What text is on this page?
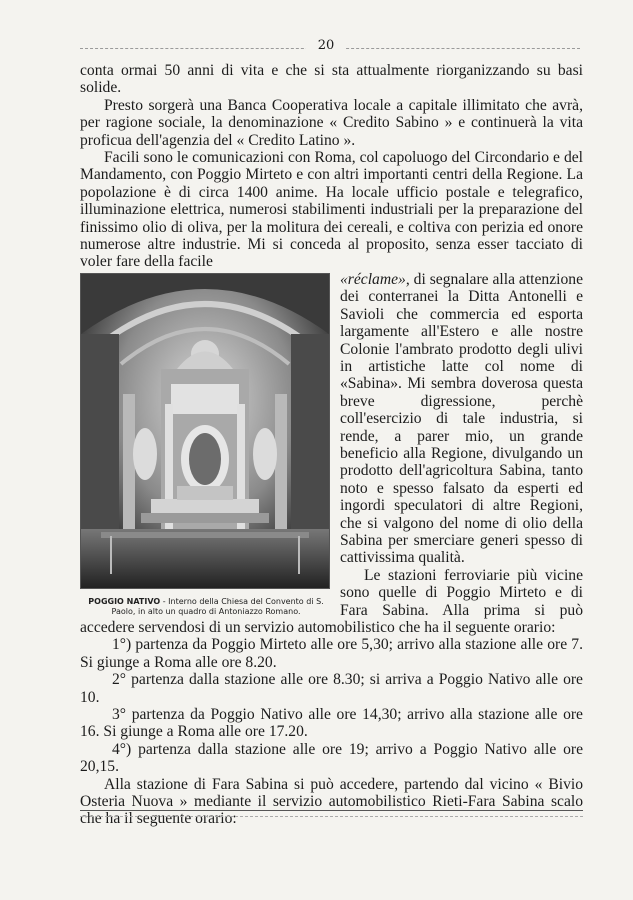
20

conta ormai 50 anni di vita e che si sta attualmente riorganizzando su basi solide.

Presto sorgerà una Banca Cooperativa locale a capitale illimitato che avrà, per ragione sociale, la denominazione « Credito Sabino » e continuerà la vita proficua dell'agenzia del « Credito Latino ».

Facili sono le comunicazioni con Roma, col capoluogo del Circondario e del Mandamento, con Poggio Mirteto e con altri importanti centri della Regione. La popolazione è di circa 1400 anime. Ha locale ufficio postale e telegrafico, illuminazione elettrica, numerosi stabilimenti industriali per la preparazione del finissimo olio di oliva, per la molitura dei cereali, e coltiva con perizia ed onore numerose altre industrie. Mi si conceda al proposito, senza esser tacciato di voler fare della facile

POGGIO NATIVO - Interno della Chiesa del Convento di S. Paolo, in alto un quadro di Antoniazzo Romano.

«réclame», di segnalare alla attenzione dei conterranei la Ditta Antonelli e Savioli che commercia ed esporta largamente all'Estero e alle nostre Colonie l'ambrato prodotto degli ulivi in artistiche latte col nome di «Sabina». Mi sembra doverosa questa breve digressione, perchè coll'esercizio di tale industria, si rende, a parer mio, un grande beneficio alla Regione, divulgando un prodotto dell'agricoltura Sabina, tanto noto e spesso falsato da esperti ed ingordi speculatori di altre Regioni, che si valgono del nome di olio della Sabina per smerciare generi spesso di cattivissima qualità.

Le stazioni ferroviarie più vicine sono quelle di Poggio Mirteto e di Fara Sabina. Alla prima si può accedere servendosi di un servizio automobilistico che ha il seguente orario:

1°) partenza da Poggio Mirteto alle ore 5,30; arrivo alla stazione alle ore 7. Si giunge a Roma alle ore 8.20.

2° partenza dalla stazione alle ore 8.30; si arriva a Poggio Nativo alle ore 10.

3° partenza da Poggio Nativo alle ore 14,30; arrivo alla stazione alle ore 16. Si giunge a Roma alle ore 17.20.

4°) partenza dalla stazione alle ore 19; arrivo a Poggio Nativo alle ore 20,15.

Alla stazione di Fara Sabina si può accedere, partendo dal vicino « Bivio Osteria Nuova » mediante il servizio automobilistico Rieti-Fara Sabina scalo che ha il seguente orario:
